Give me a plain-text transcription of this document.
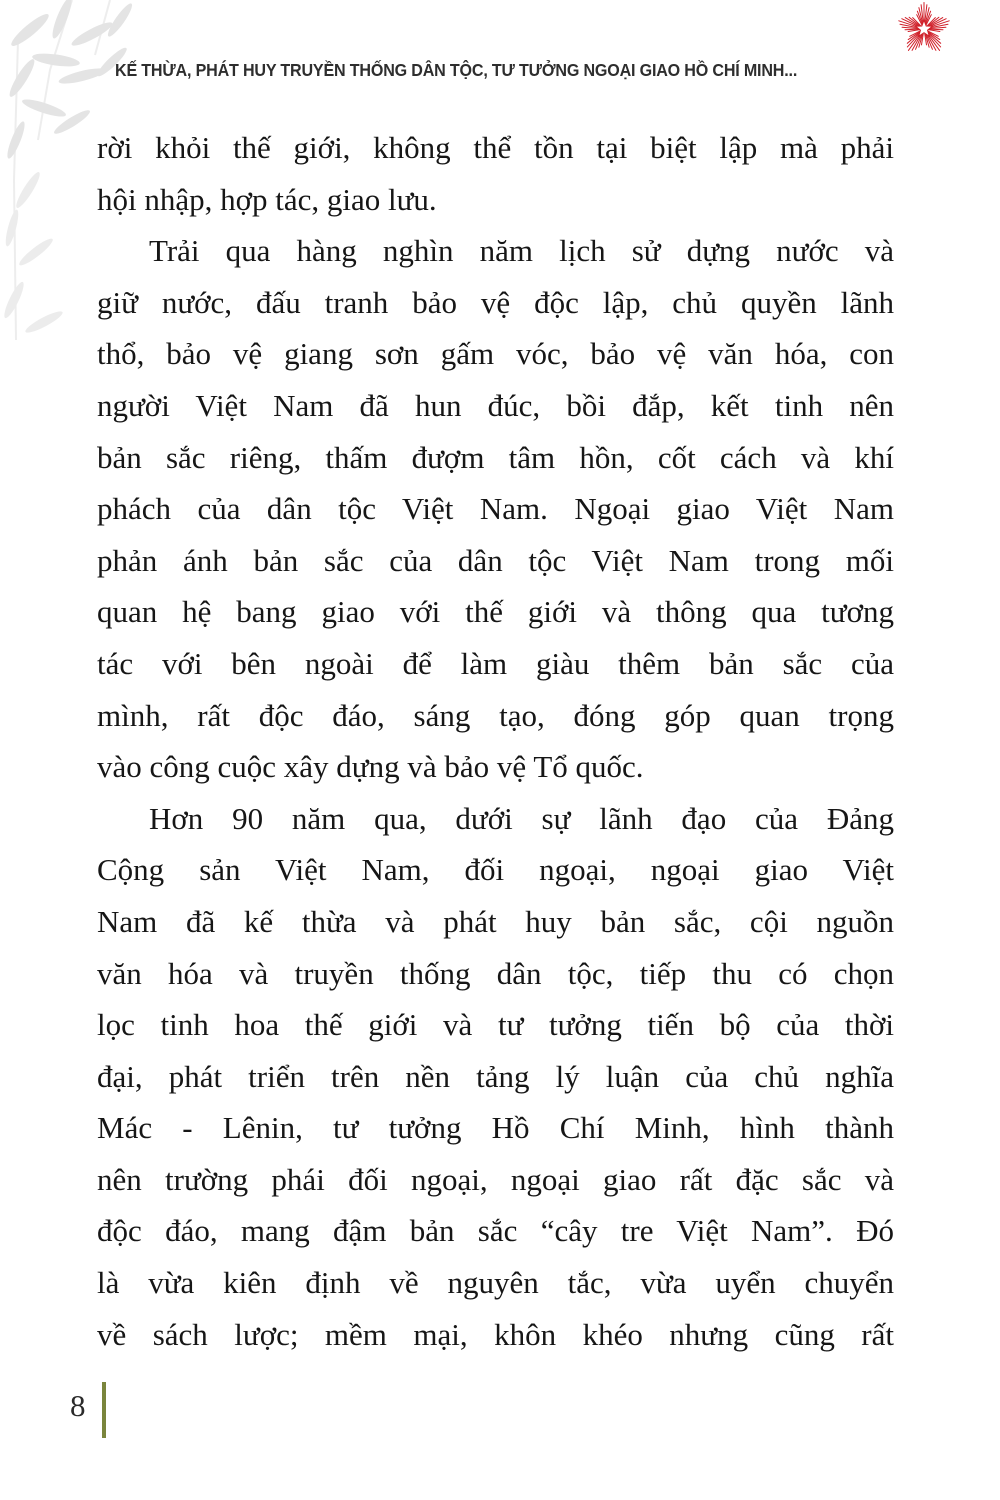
KẾ THỪA, PHÁT HUY TRUYỀN THỐNG DÂN TỘC, TƯ TƯỞNG NGOẠI GIAO HỒ CHÍ MINH...
rời khỏi thế giới, không thể tồn tại biệt lập mà phải
hội nhập, hợp tác, giao lưu.
Trải qua hàng nghìn năm lịch sử dựng nước và
giữ nước, đấu tranh bảo vệ độc lập, chủ quyền lãnh
thổ, bảo vệ giang sơn gấm vóc, bảo vệ văn hóa, con
người Việt Nam đã hun đúc, bồi đắp, kết tinh nên
bản sắc riêng, thấm đượm tâm hồn, cốt cách và khí
phách của dân tộc Việt Nam. Ngoại giao Việt Nam
phản ánh bản sắc của dân tộc Việt Nam trong mối
quan hệ bang giao với thế giới và thông qua tương
tác với bên ngoài để làm giàu thêm bản sắc của
mình, rất độc đáo, sáng tạo, đóng góp quan trọng
vào công cuộc xây dựng và bảo vệ Tổ quốc.
Hơn 90 năm qua, dưới sự lãnh đạo của Đảng
Cộng sản Việt Nam, đối ngoại, ngoại giao Việt
Nam đã kế thừa và phát huy bản sắc, cội nguồn
văn hóa và truyền thống dân tộc, tiếp thu có chọn
lọc tinh hoa thế giới và tư tưởng tiến bộ của thời
đại, phát triển trên nền tảng lý luận của chủ nghĩa
Mác - Lênin, tư tưởng Hồ Chí Minh, hình thành
nên trường phái đối ngoại, ngoại giao rất đặc sắc và
độc đáo, mang đậm bản sắc “cây tre Việt Nam”. Đó
là vừa kiên định về nguyên tắc, vừa uyển chuyển
về sách lược; mềm mại, khôn khéo nhưng cũng rất
8
